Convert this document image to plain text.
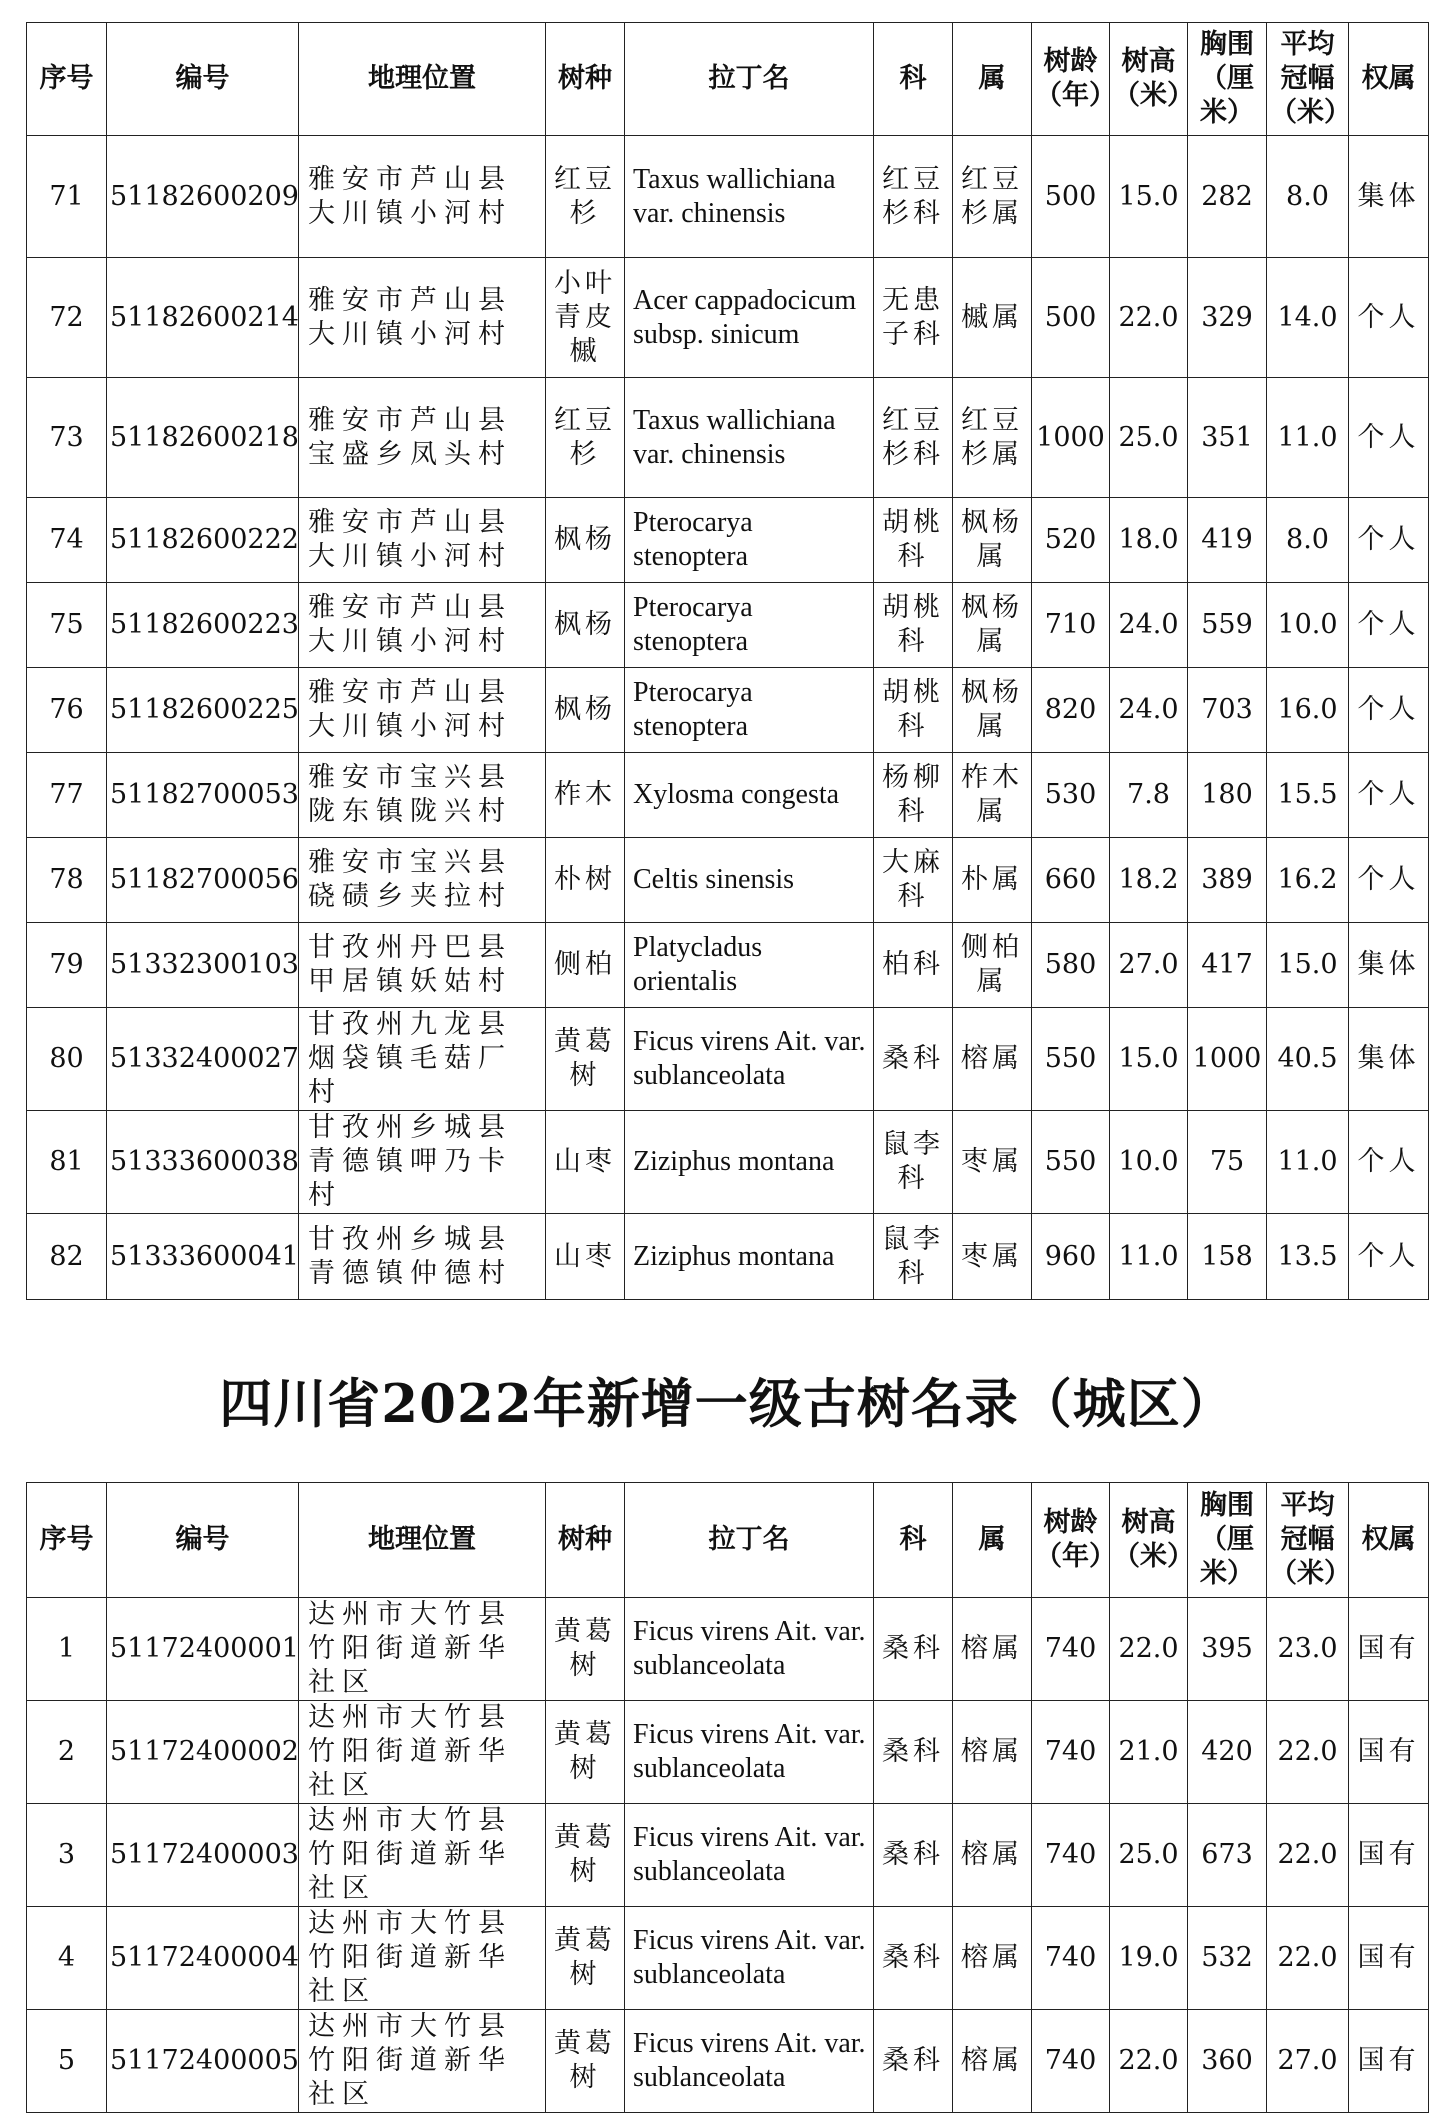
序号	编号	地理位置	树种	拉丁名	科	属	树龄（年）	树高（米）	胸围（厘米）	平均冠幅（米）	权属
71	51182600209	雅安市芦山县大川镇小河村	红豆杉	Taxus wallichiana var. chinensis	红豆杉科	红豆杉属	500	15.0	282	8.0	集体
72	51182600214	雅安市芦山县大川镇小河村	小叶青皮槭	Acer cappadocicum subsp. sinicum	无患子科	槭属	500	22.0	329	14.0	个人
73	51182600218	雅安市芦山县宝盛乡凤头村	红豆杉	Taxus wallichiana var. chinensis	红豆杉科	红豆杉属	1000	25.0	351	11.0	个人
74	51182600222	雅安市芦山县大川镇小河村	枫杨	Pterocarya stenoptera	胡桃科	枫杨属	520	18.0	419	8.0	个人
75	51182600223	雅安市芦山县大川镇小河村	枫杨	Pterocarya stenoptera	胡桃科	枫杨属	710	24.0	559	10.0	个人
76	51182600225	雅安市芦山县大川镇小河村	枫杨	Pterocarya stenoptera	胡桃科	枫杨属	820	24.0	703	16.0	个人
77	51182700053	雅安市宝兴县陇东镇陇兴村	柞木	Xylosma congesta	杨柳科	柞木属	530	7.8	180	15.5	个人
78	51182700056	雅安市宝兴县硗碛乡夹拉村	朴树	Celtis sinensis	大麻科	朴属	660	18.2	389	16.2	个人
79	51332300103	甘孜州丹巴县甲居镇妖姑村	侧柏	Platycladus orientalis	柏科	侧柏属	580	27.0	417	15.0	集体
80	51332400027	甘孜州九龙县烟袋镇毛菇厂村	黄葛树	Ficus virens Ait. var. sublanceolata	桑科	榕属	550	15.0	1000	40.5	集体
81	51333600038	甘孜州乡城县青德镇呷乃卡村	山枣	Ziziphus montana	鼠李科	枣属	550	10.0	75	11.0	个人
82	51333600041	甘孜州乡城县青德镇仲德村	山枣	Ziziphus montana	鼠李科	枣属	960	11.0	158	13.5	个人
四川省2022年新增一级古树名录（城区）
序号	编号	地理位置	树种	拉丁名	科	属	树龄（年）	树高（米）	胸围（厘米）	平均冠幅（米）	权属
1	51172400001	达州市大竹县竹阳街道新华社区	黄葛树	Ficus virens Ait. var. sublanceolata	桑科	榕属	740	22.0	395	23.0	国有
2	51172400002	达州市大竹县竹阳街道新华社区	黄葛树	Ficus virens Ait. var. sublanceolata	桑科	榕属	740	21.0	420	22.0	国有
3	51172400003	达州市大竹县竹阳街道新华社区	黄葛树	Ficus virens Ait. var. sublanceolata	桑科	榕属	740	25.0	673	22.0	国有
4	51172400004	达州市大竹县竹阳街道新华社区	黄葛树	Ficus virens Ait. var. sublanceolata	桑科	榕属	740	19.0	532	22.0	国有
5	51172400005	达州市大竹县竹阳街道新华社区	黄葛树	Ficus virens Ait. var. sublanceolata	桑科	榕属	740	22.0	360	27.0	国有
